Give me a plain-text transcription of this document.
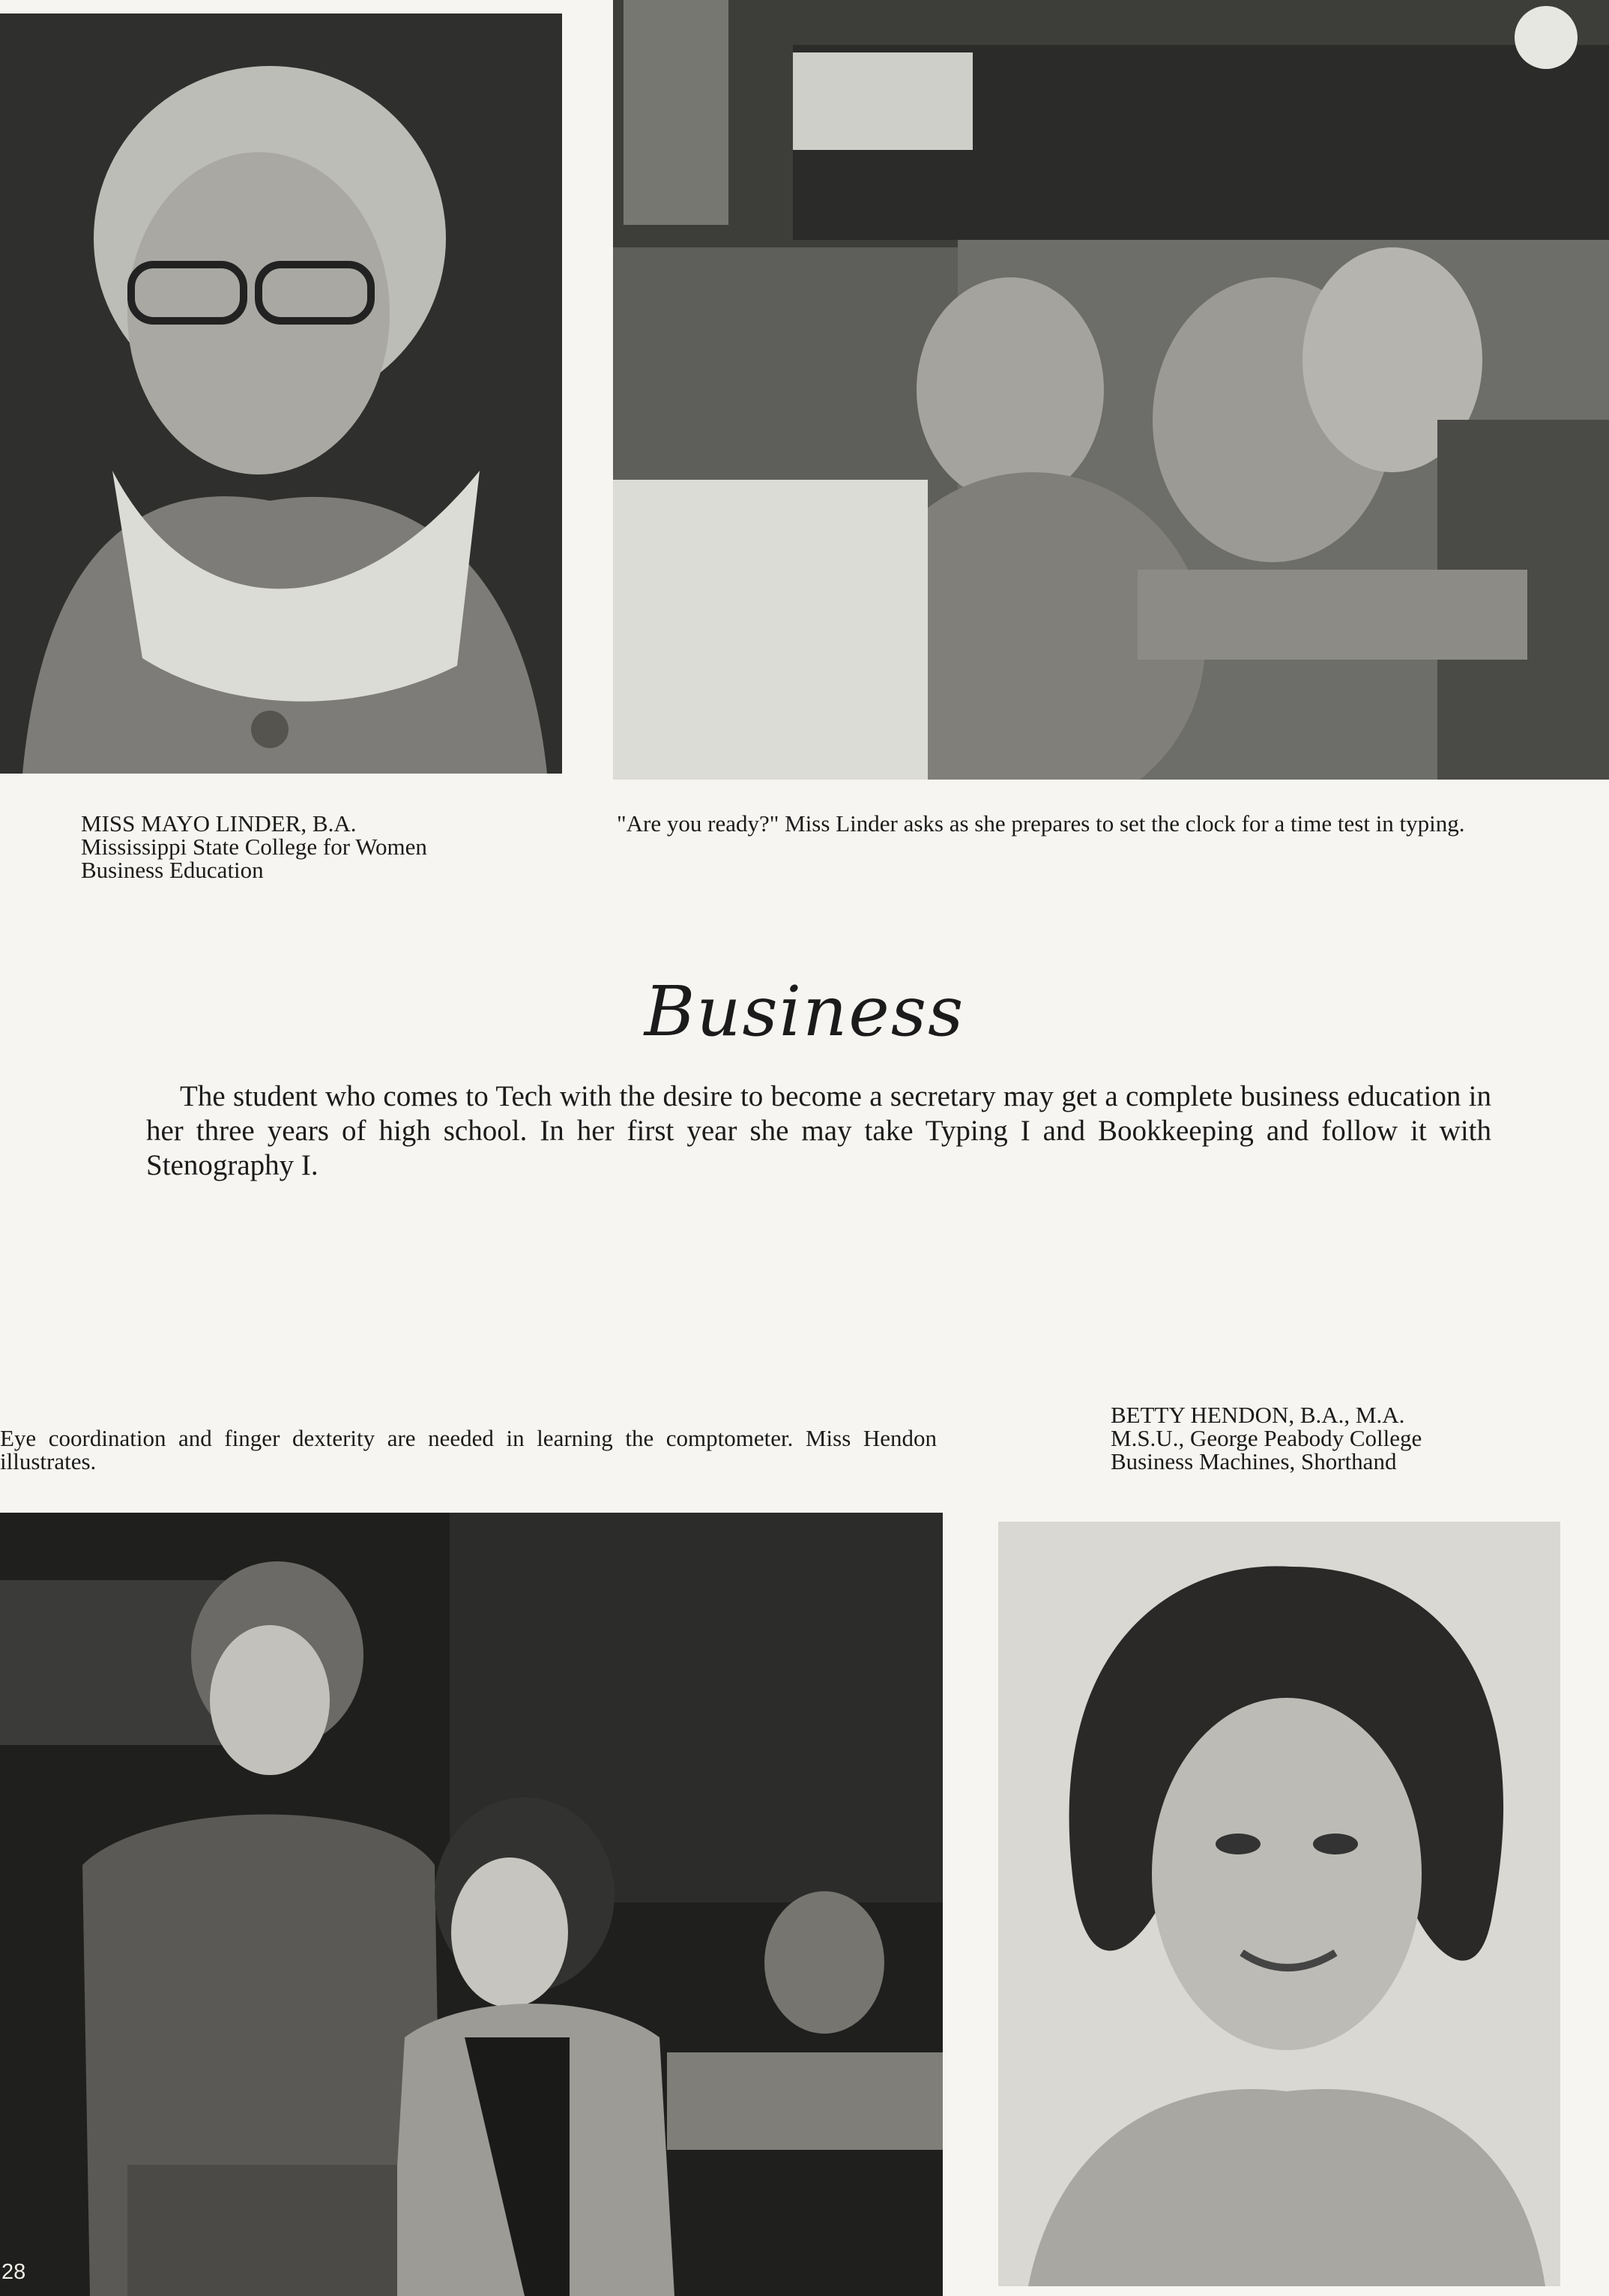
MISS MAYO LINDER, B.A.
Mississippi State College for Women
Business Education
"Are you ready?" Miss Linder asks as she prepares to set the clock for a time test in typing.
Business
The student who comes to Tech with the desire to become a secretary may get a complete business education in her three years of high school. In her first year she may take Typing I and Bookkeeping and follow it with Stenography I.
Eye coordination and finger dexterity are needed in learning the comptometer. Miss Hendon illustrates.
BETTY HENDON, B.A., M.A.
M.S.U., George Peabody College
Business Machines, Shorthand
28
